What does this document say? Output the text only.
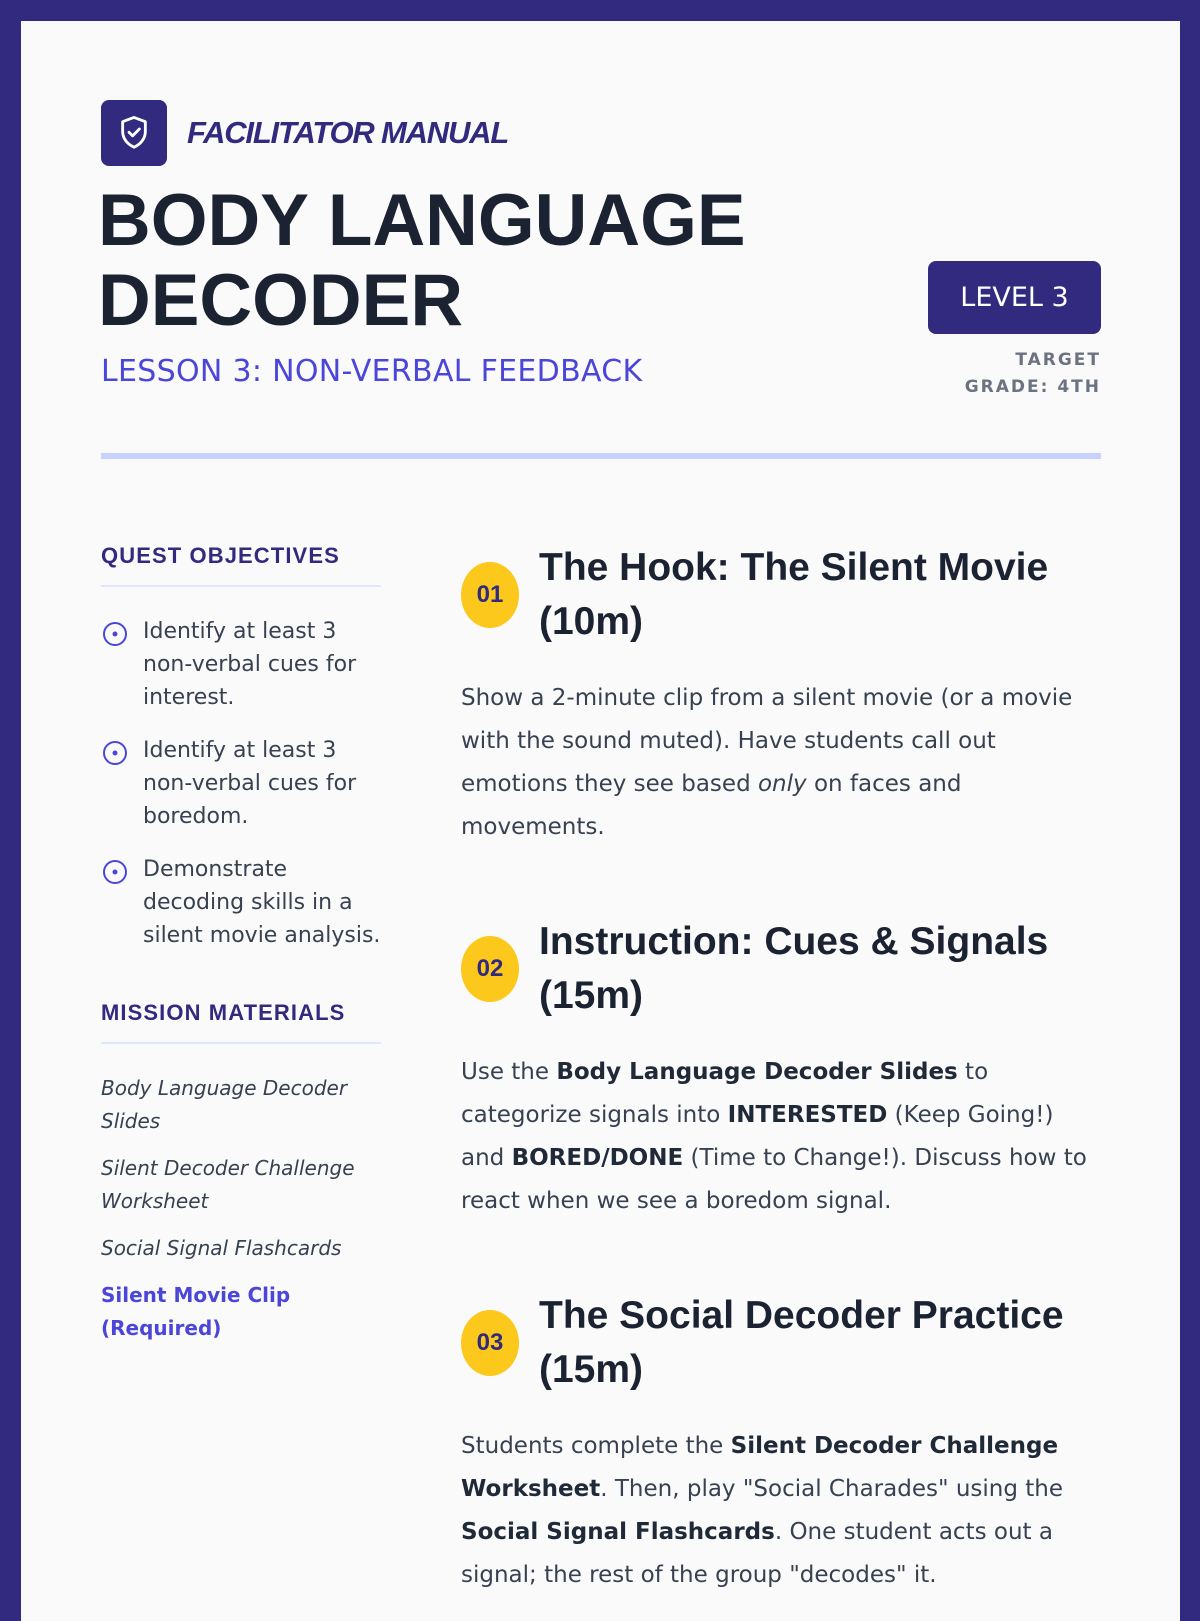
FACILITATOR MANUAL
BODY LANGUAGE
DECODER
LESSON 3: NON-VERBAL FEEDBACK
LEVEL 3
TARGET
GRADE: 4TH
QUEST OBJECTIVES
Identify at least 3 non-verbal cues for interest.
Identify at least 3 non-verbal cues for boredom.
Demonstrate decoding skills in a silent movie analysis.
MISSION MATERIALS
Body Language Decoder Slides
Silent Decoder Challenge Worksheet
Social Signal Flashcards
Silent Movie Clip (Required)
01
The Hook: The Silent Movie (10m)
Show a 2-minute clip from a silent movie (or a movie with the sound muted). Have students call out emotions they see based only on faces and movements.
02
Instruction: Cues & Signals (15m)
Use the Body Language Decoder Slides to categorize signals into INTERESTED (Keep Going!) and BORED/DONE (Time to Change!). Discuss how to react when we see a boredom signal.
03
The Social Decoder Practice (15m)
Students complete the Silent Decoder Challenge Worksheet. Then, play "Social Charades" using the Social Signal Flashcards. One student acts out a signal; the rest of the group "decodes" it.
